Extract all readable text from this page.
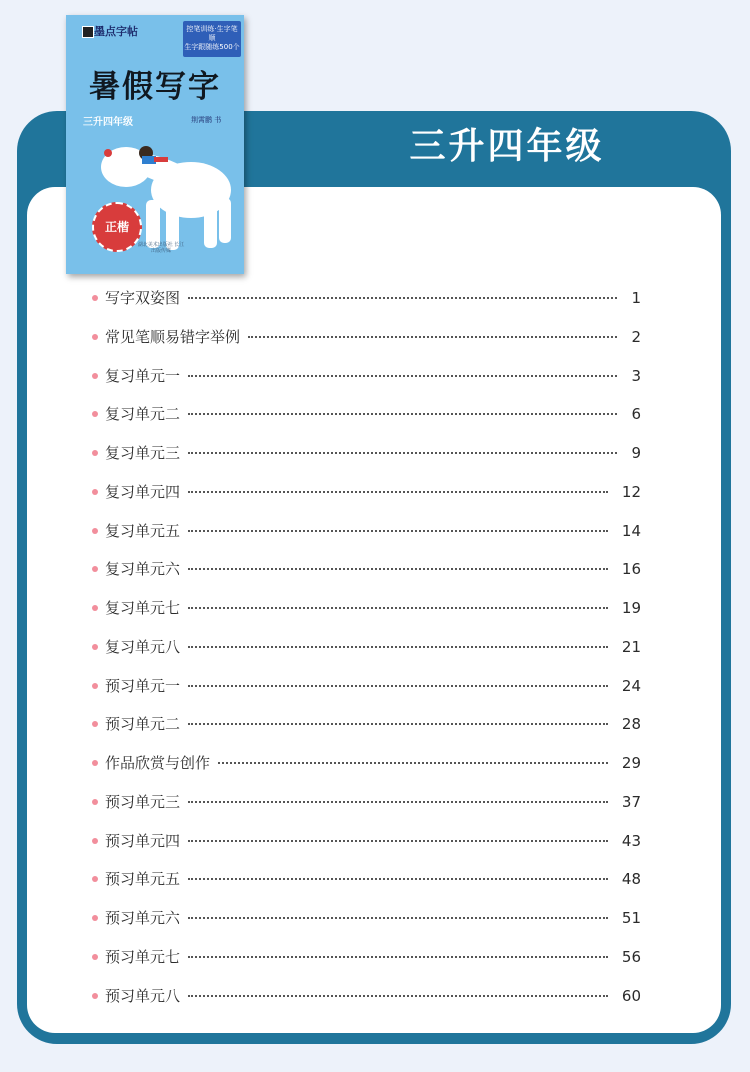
三升四年级
墨点字帖	控笔训练·生字笔顺
生字跟随练500个
暑假写字
三升四年级	荆霄鹏 书
正楷
湖北美术出版社 长江出版传媒
写字双姿图	1
常见笔顺易错字举例	2
复习单元一	3
复习单元二	6
复习单元三	9
复习单元四	12
复习单元五	14
复习单元六	16
复习单元七	19
复习单元八	21
预习单元一	24
预习单元二	28
作品欣赏与创作	29
预习单元三	37
预习单元四	43
预习单元五	48
预习单元六	51
预习单元七	56
预习单元八	60
